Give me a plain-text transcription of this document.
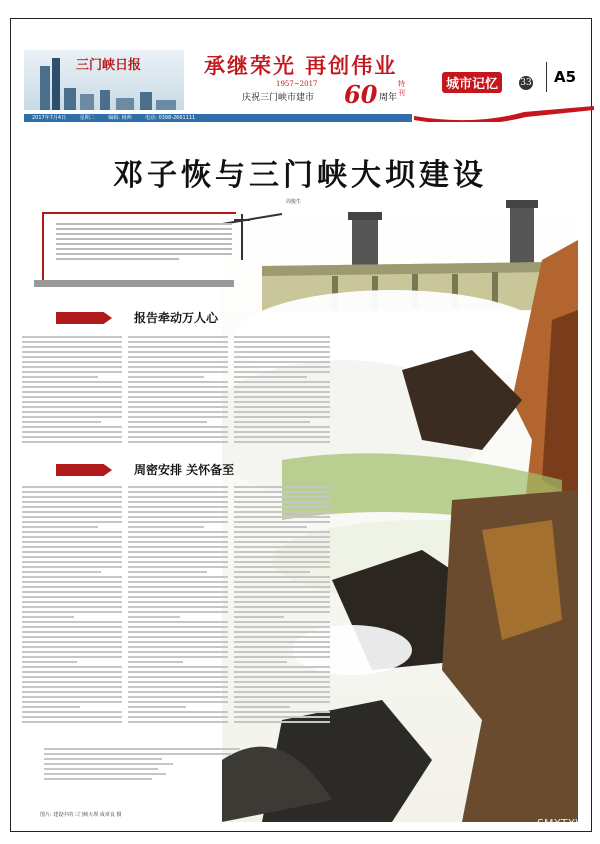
三门峡日报	承继荣光 再创伟业
1957~2017
庆祝三门峡市建市 60 周年
特刊
城市记忆	33 A5
2017年7月4日	星期二	编辑: 杨帅	电话: 0398-2661111
邓子恢与三门峡大坝建设
周俊生
报告牵动万人心
周密安排 关怀备至
图片: 建设中的三门峡大坝 成章良 摄
SMXTXW
